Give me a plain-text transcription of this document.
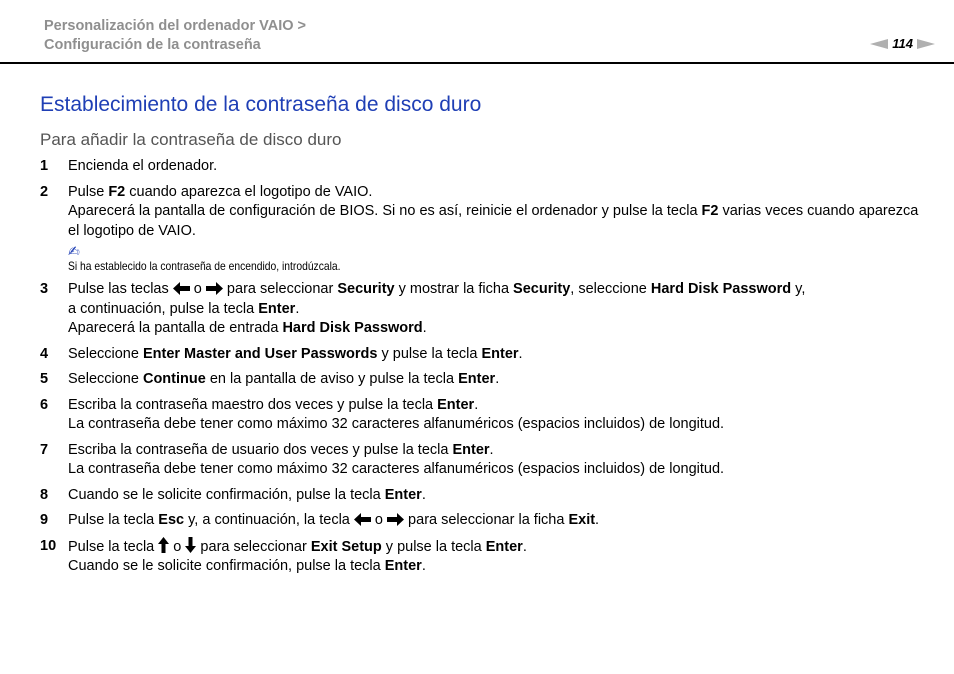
Personalización del ordenador VAIO >
Configuración de la contraseña	114
Establecimiento de la contraseña de disco duro
Para añadir la contraseña de disco duro
1	Encienda el ordenador.
2	Pulse F2 cuando aparezca el logotipo de VAIO.
Aparecerá la pantalla de configuración de BIOS. Si no es así, reinicie el ordenador y pulse la tecla F2 varias veces cuando aparezca el logotipo de VAIO.
✍
Si ha establecido la contraseña de encendido, introdúzcala.
3	Pulse las teclas  o  para seleccionar Security y mostrar la ficha Security, seleccione Hard Disk Password y,
a continuación, pulse la tecla Enter.
Aparecerá la pantalla de entrada Hard Disk Password.
4	Seleccione Enter Master and User Passwords y pulse la tecla Enter.
5	Seleccione Continue en la pantalla de aviso y pulse la tecla Enter.
6	Escriba la contraseña maestro dos veces y pulse la tecla Enter.
La contraseña debe tener como máximo 32 caracteres alfanuméricos (espacios incluidos) de longitud.
7	Escriba la contraseña de usuario dos veces y pulse la tecla Enter.
La contraseña debe tener como máximo 32 caracteres alfanuméricos (espacios incluidos) de longitud.
8	Cuando se le solicite confirmación, pulse la tecla Enter.
9	Pulse la tecla Esc y, a continuación, la tecla  o  para seleccionar la ficha Exit.
10 Pulse la tecla  o  para seleccionar Exit Setup y pulse la tecla Enter.
Cuando se le solicite confirmación, pulse la tecla Enter.
